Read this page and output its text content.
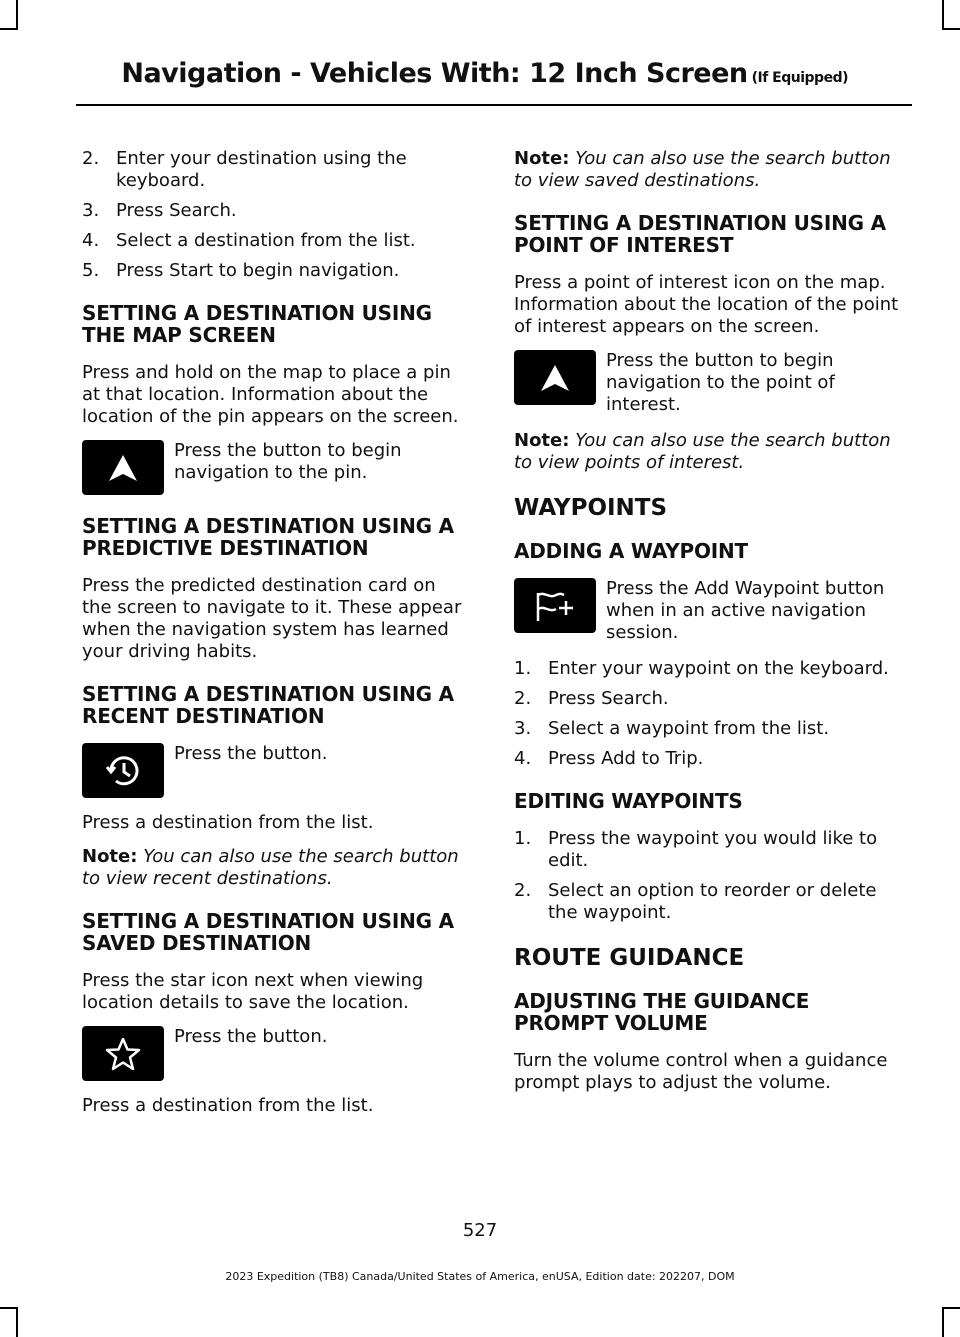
Navigation - Vehicles With: 12 Inch Screen (If Equipped)
2. Enter your destination using the keyboard.
3. Press Search.
4. Select a destination from the list.
5. Press Start to begin navigation.
SETTING A DESTINATION USING THE MAP SCREEN

Press and hold on the map to place a pin at that location. Information about the location of the pin appears on the screen.

Press the button to begin navigation to the pin.

SETTING A DESTINATION USING A PREDICTIVE DESTINATION

Press the predicted destination card on the screen to navigate to it. These appear when the navigation system has learned your driving habits.

SETTING A DESTINATION USING A RECENT DESTINATION

Press the button.

Press a destination from the list.

Note: You can also use the search button to view recent destinations.

SETTING A DESTINATION USING A SAVED DESTINATION

Press the star icon next when viewing location details to save the location.

Press the button.

Press a destination from the list.

Note: You can also use the search button to view saved destinations.

SETTING A DESTINATION USING A POINT OF INTEREST

Press a point of interest icon on the map. Information about the location of the point of interest appears on the screen.

Press the button to begin navigation to the point of interest.

Note: You can also use the search button to view points of interest.

WAYPOINTS
ADDING A WAYPOINT

Press the Add Waypoint button when in an active navigation session.

1. Enter your waypoint on the keyboard.
2. Press Search.
3. Select a waypoint from the list.
4. Press Add to Trip.
EDITING WAYPOINTS
1. Press the waypoint you would like to edit.
2. Select an option to reorder or delete the waypoint.
ROUTE GUIDANCE
ADJUSTING THE GUIDANCE PROMPT VOLUME

Turn the volume control when a guidance prompt plays to adjust the volume.

527
2023 Expedition (TB8) Canada/United States of America, enUSA, Edition date: 202207, DOM
